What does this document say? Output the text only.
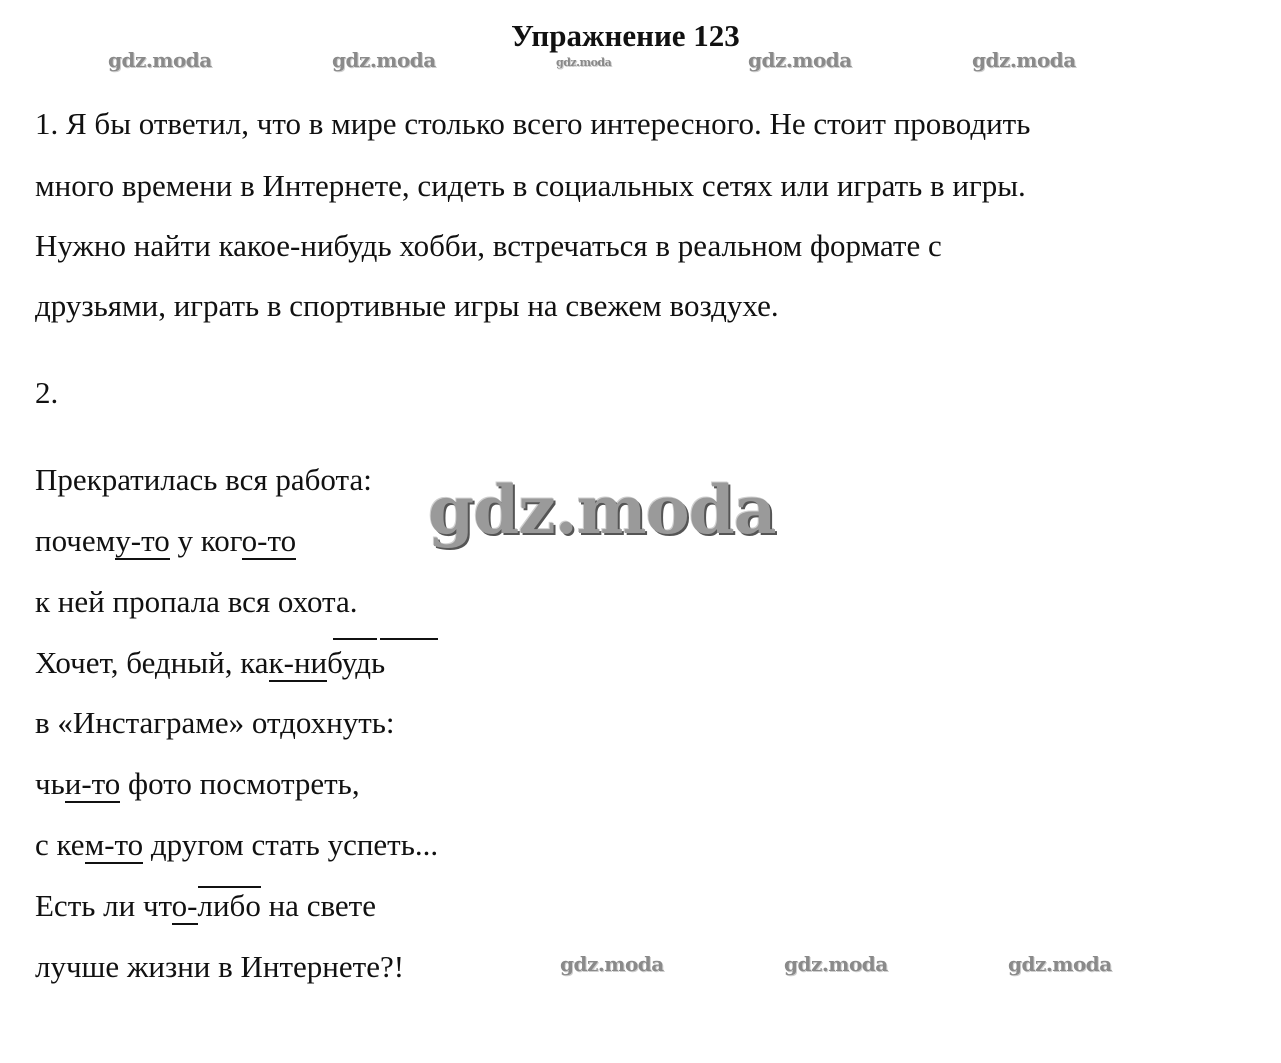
Упражнение 123
gdz.moda	gdz.moda	gdz.moda	gdz.moda	gdz.moda
1. Я бы ответил, что в мире столько всего интересного. Не стоит проводить
много времени в Интернете, сидеть в социальных сетях или играть в игры.
Нужно найти какое-нибудь хобби, встречаться в реальном формате с
друзьями, играть в спортивные игры на свежем воздухе.
2.
Прекратилась вся работа:
почему-то у кого-то
к ней пропала вся охота.
Хочет, бедный, как-нибудь
в «Инстаграме» отдохнуть:
чьи-то фото посмотреть,
с кем-то другом стать успеть...
Есть ли что-либо на свете
лучше жизни в Интернете?!
gdz.moda
gdz.moda	gdz.moda	gdz.moda
